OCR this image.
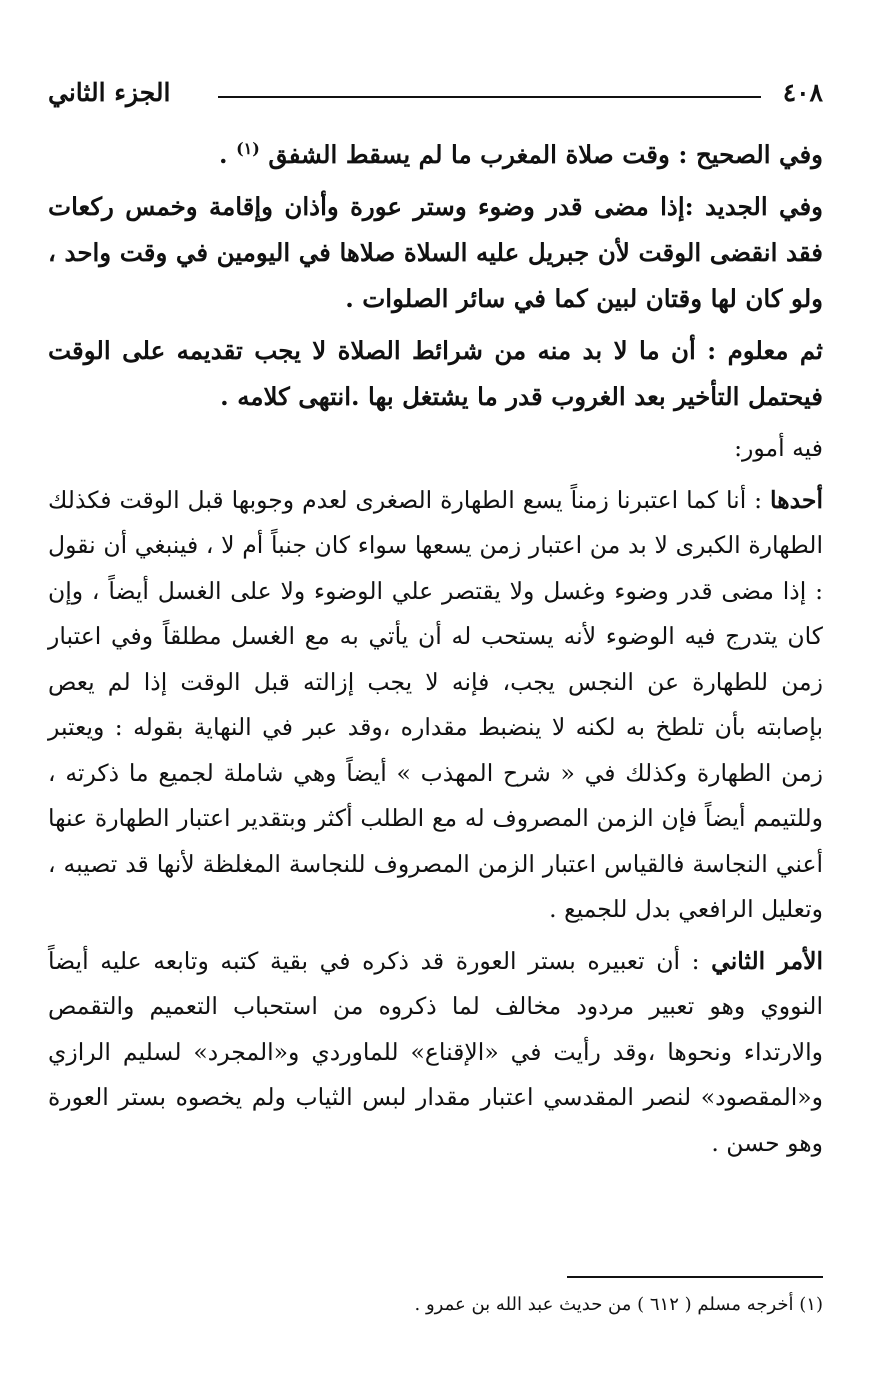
٤٠٨
الجزء الثاني

وفي الصحيح : وقت صلاة المغرب ما لم يسقط الشفق $^{(١)}$ .

وفي الجديد :إذا مضى قدر وضوء وستر عورة وأذان وإقامة وخمس ركعات فقد انقضى الوقت لأن جبريل عليه السلاة صلاها في اليومين في وقت واحد ، ولو كان لها وقتان لبين كما في سائر الصلوات .

ثم معلوم : أن ما لا بد منه من شرائط الصلاة لا يجب تقديمه على الوقت فيحتمل التأخير بعد الغروب قدر ما يشتغل بها .انتهى كلامه .

فيه أمور:

أحدها : أنا كما اعتبرنا زمناً يسع الطهارة الصغرى لعدم وجوبها قبل الوقت فكذلك الطهارة الكبرى لا بد من اعتبار زمن يسعها سواء كان جنباً أم لا ، فينبغي أن نقول : إذا مضى قدر وضوء وغسل ولا يقتصر علي الوضوء ولا على الغسل أيضاً ، وإن كان يتدرج فيه الوضوء لأنه يستحب له أن يأتي به مع الغسل مطلقاً وفي اعتبار زمن للطهارة عن النجس يجب، فإنه لا يجب إزالته قبل الوقت إذا لم يعص بإصابته بأن تلطخ به لكنه لا ينضبط مقداره ،وقد عبر في النهاية بقوله : ويعتبر زمن الطهارة وكذلك في « شرح المهذب » أيضاً وهي شاملة لجميع ما ذكرته ، وللتيمم أيضاً فإن الزمن المصروف له مع الطلب أكثر وبتقدير اعتبار الطهارة عنها أعني النجاسة فالقياس اعتبار الزمن المصروف للنجاسة المغلظة لأنها قد تصيبه ، وتعليل الرافعي بدل للجميع .

الأمر الثاني : أن تعبيره بستر العورة قد ذكره في بقية كتبه وتابعه عليه أيضاً النووي وهو تعبير مردود مخالف لما ذكروه من استحباب التعميم والتقمص والارتداء ونحوها ،وقد رأيت في «الإقناع» للماوردي و«المجرد» لسليم الرازي و«المقصود» لنصر المقدسي اعتبار مقدار لبس الثياب ولم يخصوه بستر العورة وهو حسن .

(١) أخرجه مسلم ( ٦١٢ ) من حديث عبد الله بن عمرو .
